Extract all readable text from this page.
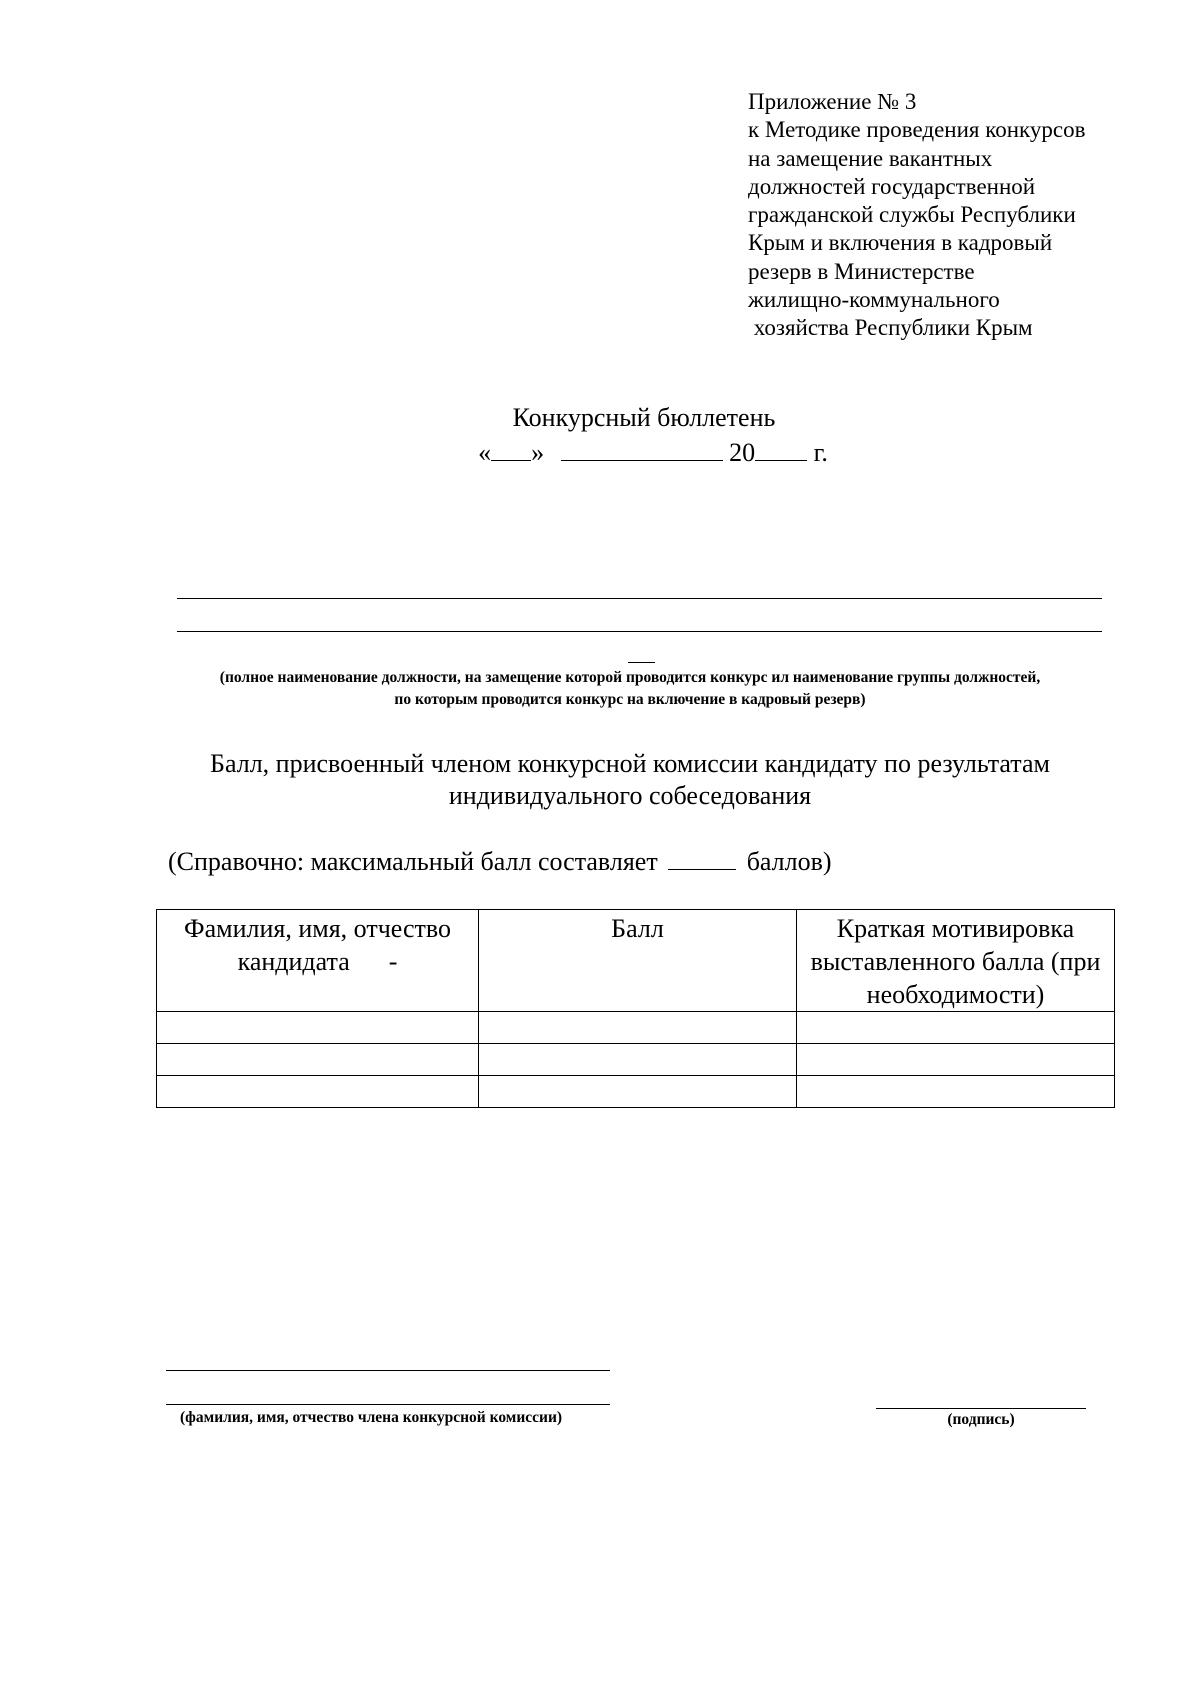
Приложение № 3
к Методике проведения конкурсов
на замещение вакантных
должностей государственной
гражданской службы Республики
Крым и включения в кадровый
резерв в Министерстве
жилищно-коммунального
хозяйства Республики Крым
Конкурсный бюллетень
« »	20 г.
(полное наименование должности, на замещение которой проводится конкурс ил наименование группы должностей,
по которым проводится конкурс на включение в кадровый резерв)
Балл, присвоенный членом конкурсной комиссии кандидату по результатам
индивидуального собеседования
(Справочно: максимальный балл составляет	баллов)
Фамилия, имя, отчество кандидата      -	Балл	Краткая мотивировка выставленного балла (при необходимости)

(фамилия, имя, отчество члена конкурсной комиссии)	(подпись)
